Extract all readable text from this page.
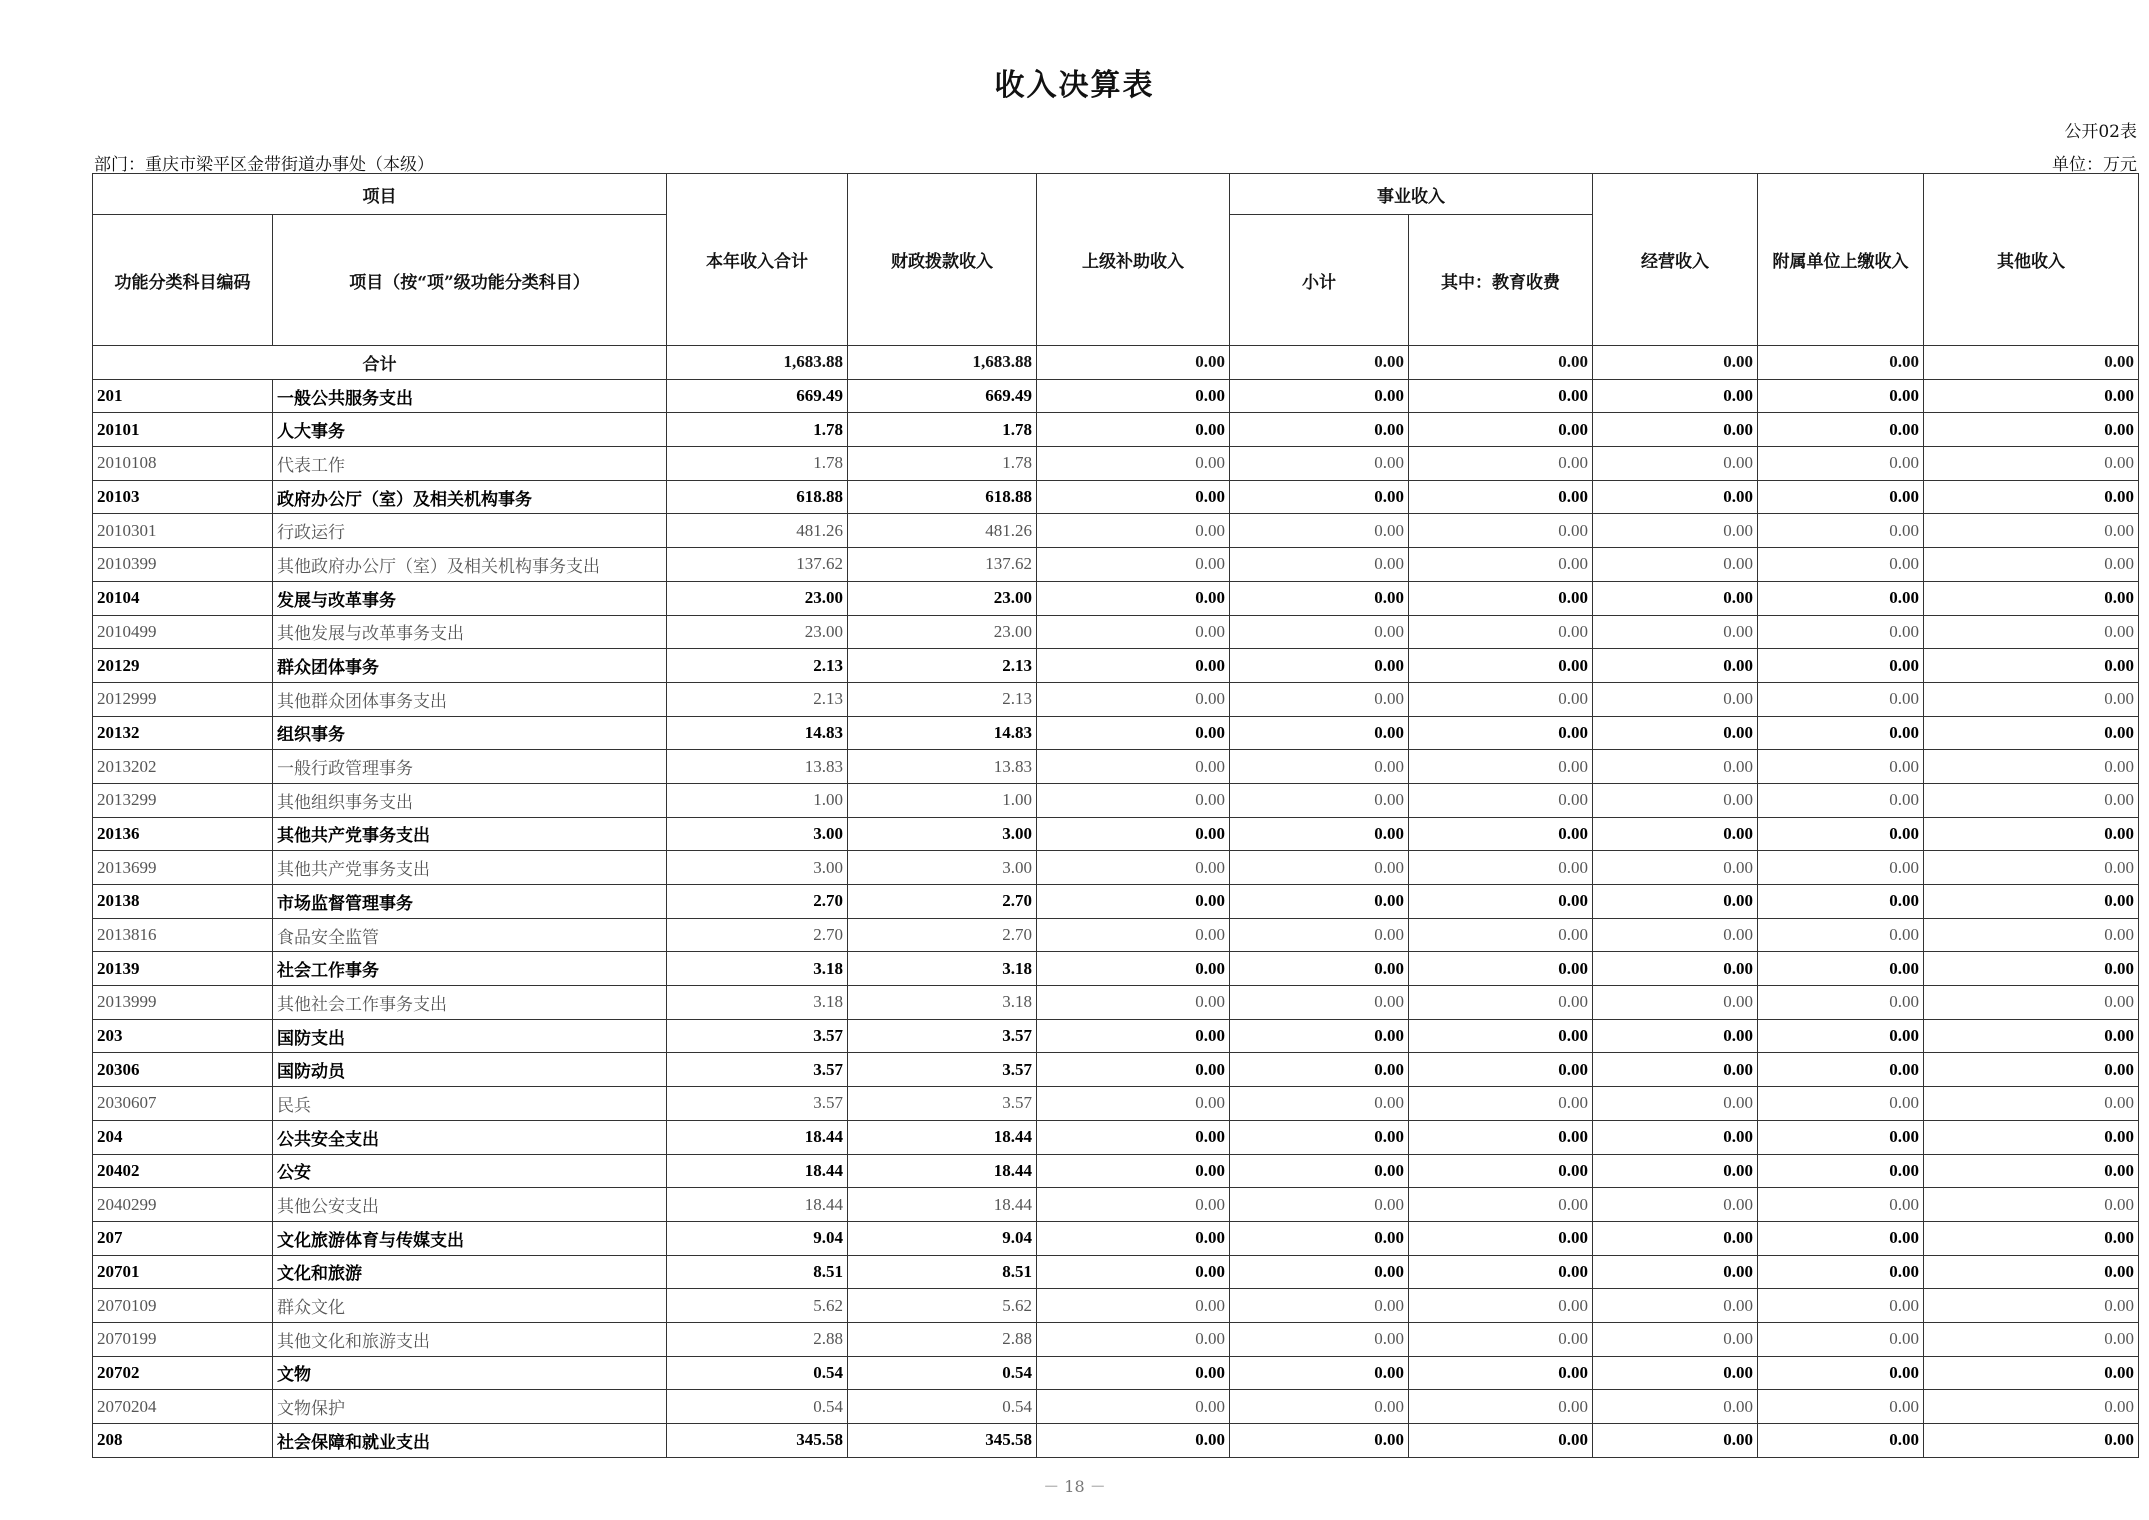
收入决算表
公开02表
部门：重庆市梁平区金带街道办事处（本级）	单位：万元
项目		本年收入合计	财政拨款收入	上级补助收入	事业收入		经营收入	附属单位上缴收入	其他收入
功能分类科目编码	项目（按“项”级功能分类科目）				小计	其中：教育收费			
合计		1,683.88	1,683.88	0.00	0.00	0.00	0.00	0.00	0.00
201	一般公共服务支出	669.49	669.49	0.00	0.00	0.00	0.00	0.00	0.00
20101	人大事务	1.78	1.78	0.00	0.00	0.00	0.00	0.00	0.00
2010108	代表工作	1.78	1.78	0.00	0.00	0.00	0.00	0.00	0.00
20103	政府办公厅（室）及相关机构事务	618.88	618.88	0.00	0.00	0.00	0.00	0.00	0.00
2010301	行政运行	481.26	481.26	0.00	0.00	0.00	0.00	0.00	0.00
2010399	其他政府办公厅（室）及相关机构事务支出	137.62	137.62	0.00	0.00	0.00	0.00	0.00	0.00
20104	发展与改革事务	23.00	23.00	0.00	0.00	0.00	0.00	0.00	0.00
2010499	其他发展与改革事务支出	23.00	23.00	0.00	0.00	0.00	0.00	0.00	0.00
20129	群众团体事务	2.13	2.13	0.00	0.00	0.00	0.00	0.00	0.00
2012999	其他群众团体事务支出	2.13	2.13	0.00	0.00	0.00	0.00	0.00	0.00
20132	组织事务	14.83	14.83	0.00	0.00	0.00	0.00	0.00	0.00
2013202	一般行政管理事务	13.83	13.83	0.00	0.00	0.00	0.00	0.00	0.00
2013299	其他组织事务支出	1.00	1.00	0.00	0.00	0.00	0.00	0.00	0.00
20136	其他共产党事务支出	3.00	3.00	0.00	0.00	0.00	0.00	0.00	0.00
2013699	其他共产党事务支出	3.00	3.00	0.00	0.00	0.00	0.00	0.00	0.00
20138	市场监督管理事务	2.70	2.70	0.00	0.00	0.00	0.00	0.00	0.00
2013816	食品安全监管	2.70	2.70	0.00	0.00	0.00	0.00	0.00	0.00
20139	社会工作事务	3.18	3.18	0.00	0.00	0.00	0.00	0.00	0.00
2013999	其他社会工作事务支出	3.18	3.18	0.00	0.00	0.00	0.00	0.00	0.00
203	国防支出	3.57	3.57	0.00	0.00	0.00	0.00	0.00	0.00
20306	国防动员	3.57	3.57	0.00	0.00	0.00	0.00	0.00	0.00
2030607	民兵	3.57	3.57	0.00	0.00	0.00	0.00	0.00	0.00
204	公共安全支出	18.44	18.44	0.00	0.00	0.00	0.00	0.00	0.00
20402	公安	18.44	18.44	0.00	0.00	0.00	0.00	0.00	0.00
2040299	其他公安支出	18.44	18.44	0.00	0.00	0.00	0.00	0.00	0.00
207	文化旅游体育与传媒支出	9.04	9.04	0.00	0.00	0.00	0.00	0.00	0.00
20701	文化和旅游	8.51	8.51	0.00	0.00	0.00	0.00	0.00	0.00
2070109	群众文化	5.62	5.62	0.00	0.00	0.00	0.00	0.00	0.00
2070199	其他文化和旅游支出	2.88	2.88	0.00	0.00	0.00	0.00	0.00	0.00
20702	文物	0.54	0.54	0.00	0.00	0.00	0.00	0.00	0.00
2070204	文物保护	0.54	0.54	0.00	0.00	0.00	0.00	0.00	0.00
208	社会保障和就业支出	345.58	345.58	0.00	0.00	0.00	0.00	0.00	0.00
－ 18 －
